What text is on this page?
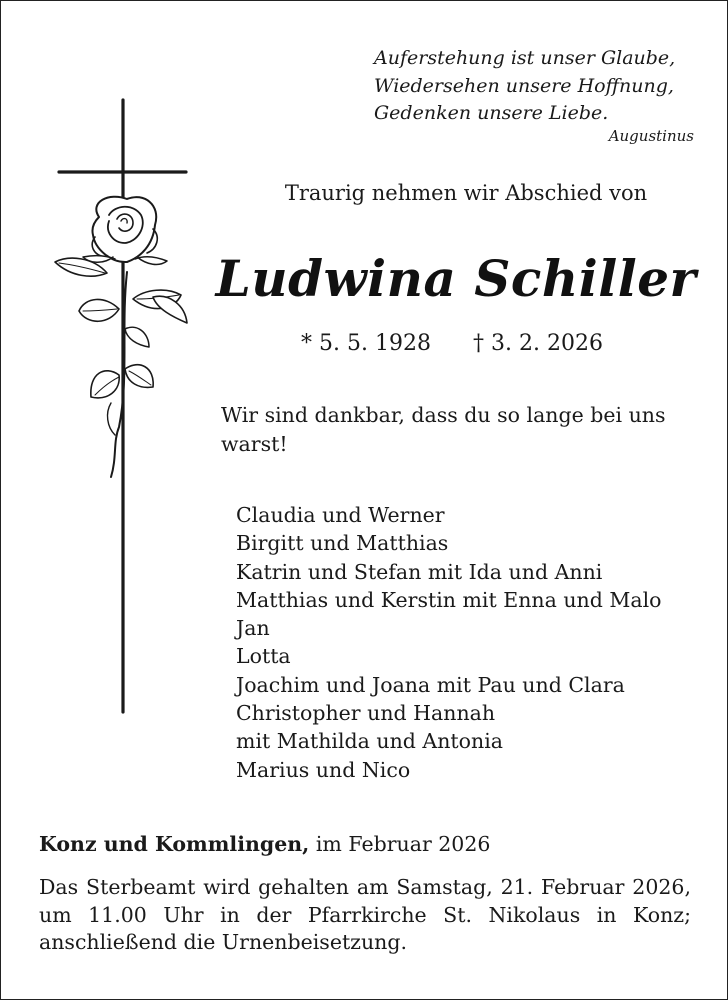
Auferstehung ist unser Glaube,
Wiedersehen unsere Hoffnung,
Gedenken unsere Liebe.
Augustinus
Traurig nehmen wir Abschied von
Ludwina Schiller
* 5. 5. 1928 † 3. 2. 2026
Wir sind dankbar, dass du so lange bei uns warst!
Claudia und Werner
Birgitt und Matthias
Katrin und Stefan mit Ida und Anni
Matthias und Kerstin mit Enna und Malo
Jan
Lotta
Joachim und Joana mit Pau und Clara
Christopher und Hannah
mit Mathilda und Antonia
Marius und Nico
Konz und Kommlingen, im Februar 2026
Das Sterbeamt wird gehalten am Samstag, 21. Februar 2026, um 11.00 Uhr in der Pfarrkirche St. Nikolaus in Konz; anschließend die Urnenbeisetzung.
